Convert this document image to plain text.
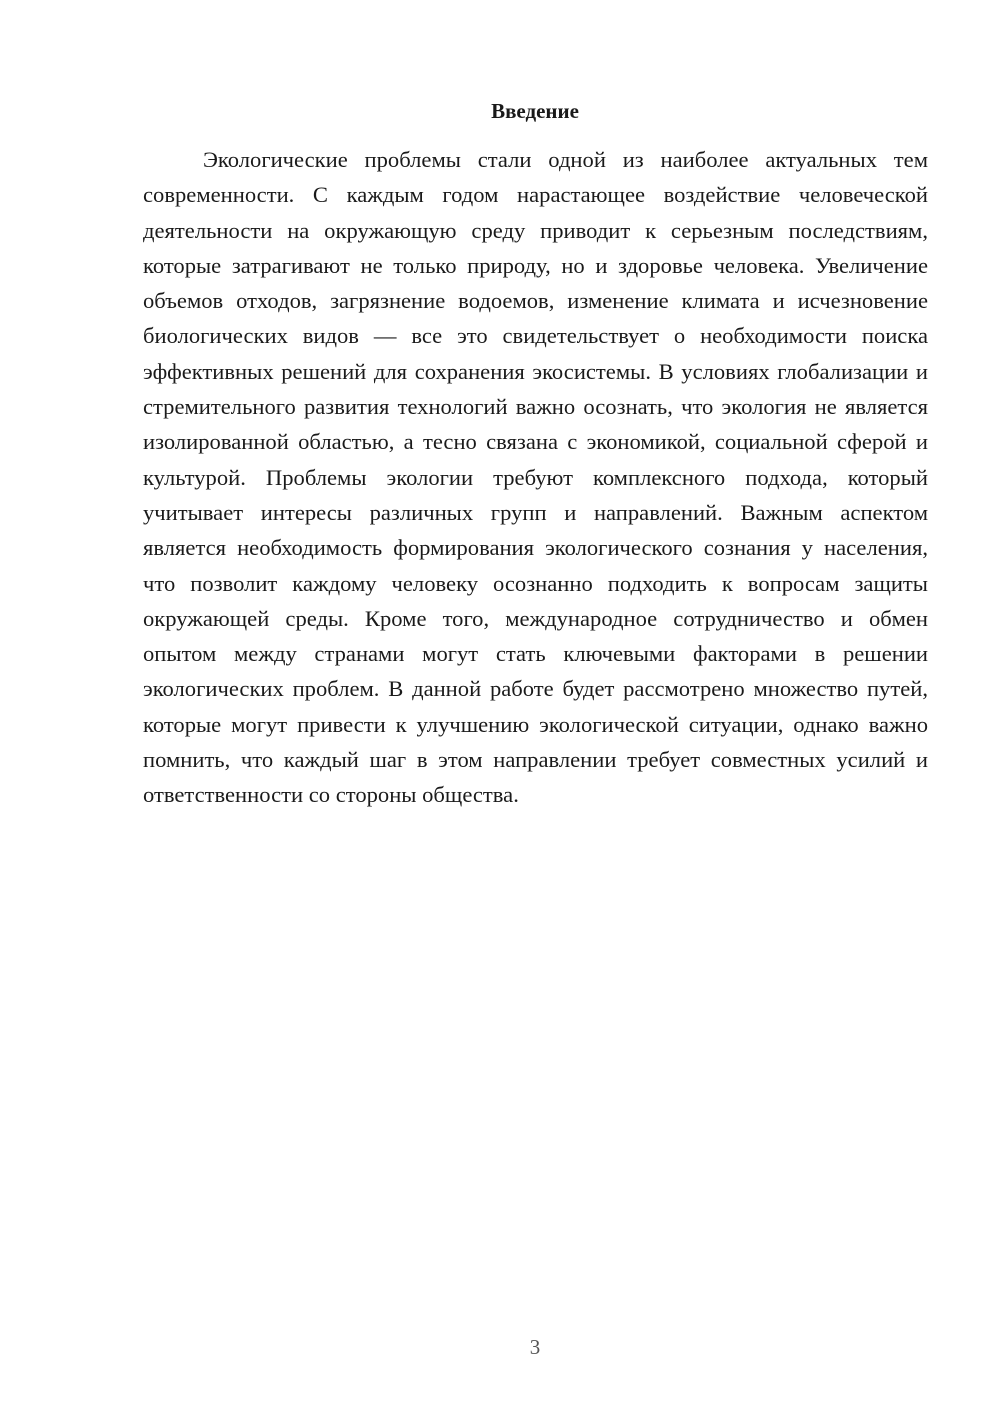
Введение

Экологические проблемы стали одной из наиболее актуальных тем современности. С каждым годом нарастающее воздействие человеческой деятельности на окружающую среду приводит к серьезным последствиям, которые затрагивают не только природу, но и здоровье человека. Увеличение объемов отходов, загрязнение водоемов, изменение климата и исчезновение биологических видов — все это свидетельствует о необходимости поиска эффективных решений для сохранения экосистемы. В условиях глобализации и стремительного развития технологий важно осознать, что экология не является изолированной областью, а тесно связана с экономикой, социальной сферой и культурой. Проблемы экологии требуют комплексного подхода, который учитывает интересы различных групп и направлений. Важным аспектом является необходимость формирования экологического сознания у населения, что позволит каждому человеку осознанно подходить к вопросам защиты окружающей среды. Кроме того, международное сотрудничество и обмен опытом между странами могут стать ключевыми факторами в решении экологических проблем. В данной работе будет рассмотрено множество путей, которые могут привести к улучшению экологической ситуации, однако важно помнить, что каждый шаг в этом направлении требует совместных усилий и ответственности со стороны общества.

3
